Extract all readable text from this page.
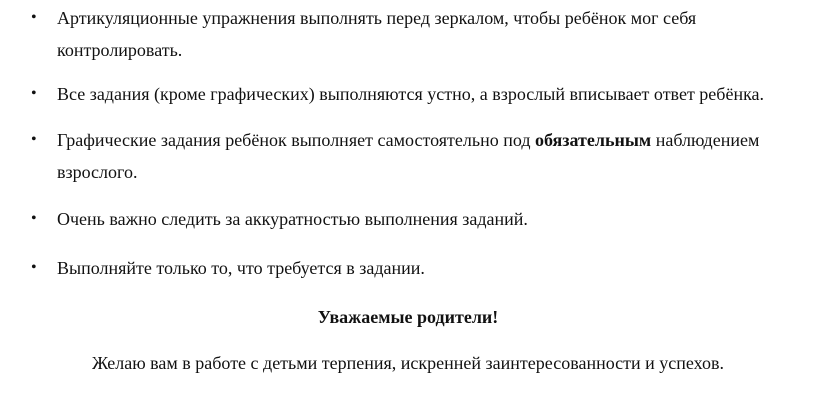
• Артикуляционные упражнения выполнять перед зеркалом, чтобы ребёнок мог себя контролировать.
• Все задания (кроме графических) выполняются устно, а взрослый вписывает ответ ребёнка.
• Графические задания ребёнок выполняет самостоятельно под обязательным наблюдением взрослого.
• Очень важно следить за аккуратностью выполнения заданий.
• Выполняйте только то, что требуется в задании.
Уважаемые родители!
Желаю вам в работе с детьми терпения, искренней заинтересованности и успехов.
